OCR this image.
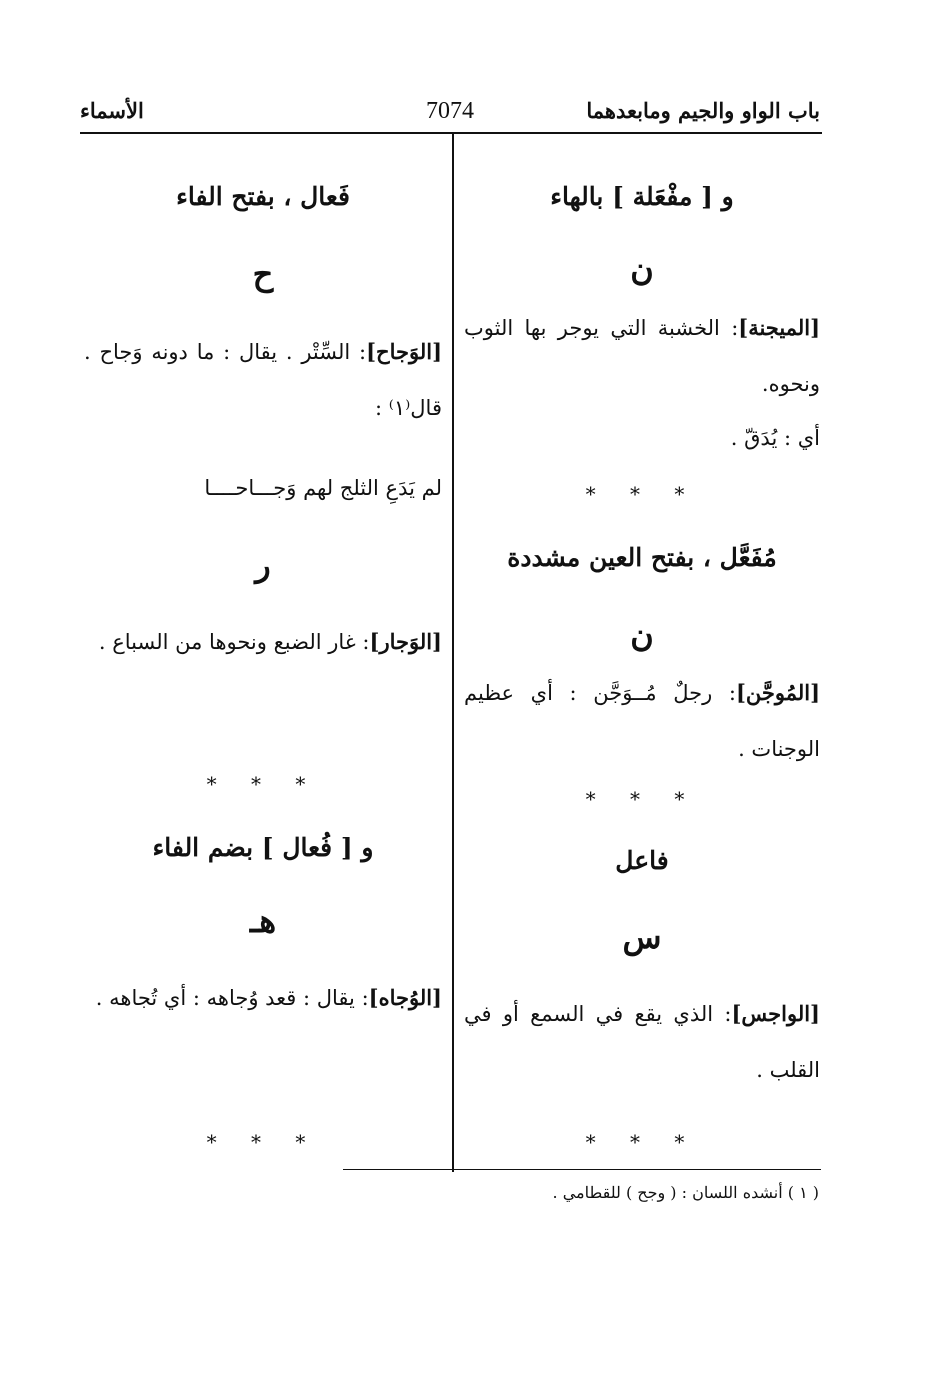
باب الواو والجيم ومابعدهما
7074
الأسماء
و [ مفْعَلة ] بالهاء
ن
[الميجنة]: الخشبة التي يوجر بها الثوب ونحوه.
أي : يُدَقّ .
* * *
مُفَعَّل ، بفتح العين مشددة
ن
[المُوجَّن]: رجلٌ مُــوَجَّن : أي عظيم الوجنات .
* * *
فاعل
س
[الواجس]: الذي يقع في السمع أو في القلب .
* * *
فَعال ، بفتح الفاء
ح
[الوَجاح]: السِّتْر . يقال : ما دونه وَجاح . قال⁽١⁾ :
لم يَدَعِ الثلج لهم وَجـــاحــــا
ر
[الوَجار]: غار الضبع ونحوها من السباع .
* * *
و [ فُعال ] بضم الفاء
هـ
[الوُجاه]: يقال : قعد وُجاهه : أي تُجاهه .
* * *
( ١ ) أنشده اللسان : ( وجح ) للقطامي .
